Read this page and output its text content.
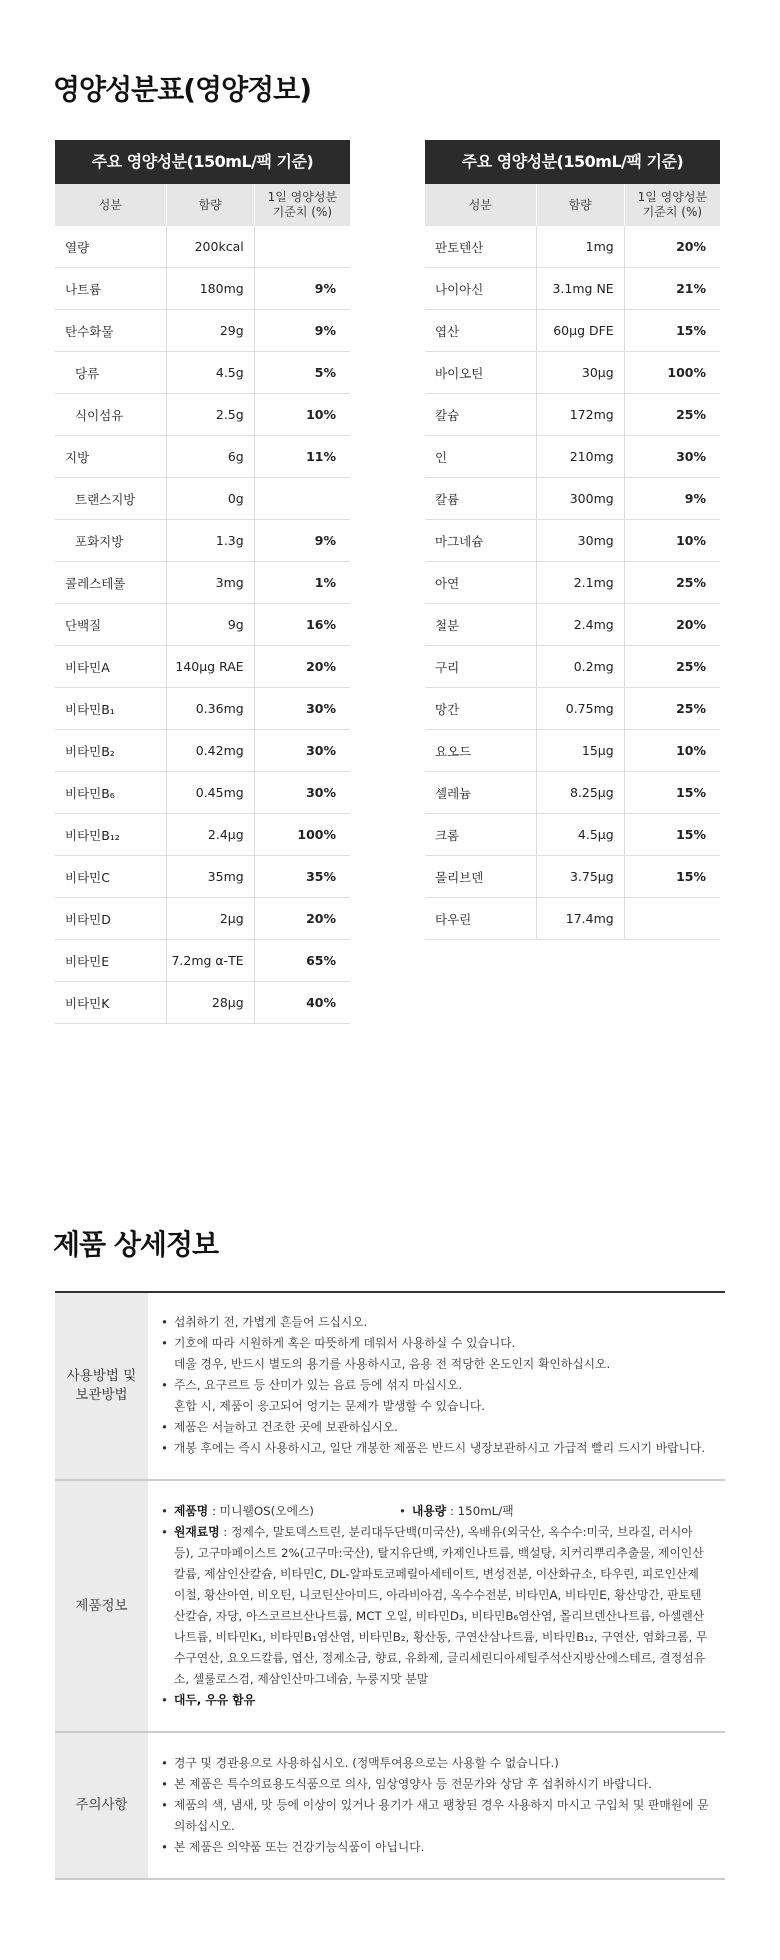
영양성분표(영양정보)
주요 영양성분(150mL/팩 기준)
성분	함량	1일 영양성분
기준치 (%)
열량	200kcal	
나트륨	180mg	9%
탄수화물	29g	9%
당류	4.5g	5%
식이섬유	2.5g	10%
지방	6g	11%
트랜스지방	0g	
포화지방	1.3g	9%
콜레스테롤	3mg	1%
단백질	9g	16%
비타민A	140μg RAE	20%
비타민B₁	0.36mg	30%
비타민B₂	0.42mg	30%
비타민B₆	0.45mg	30%
비타민B₁₂	2.4μg	100%
비타민C	35mg	35%
비타민D	2μg	20%
비타민E	7.2mg α-TE	65%
비타민K	28μg	40%
주요 영양성분(150mL/팩 기준)
성분	함량	1일 영양성분
기준치 (%)
판토텐산	1mg	20%
나이아신	3.1mg NE	21%
엽산	60μg DFE	15%
바이오틴	30μg	100%
칼슘	172mg	25%
인	210mg	30%
칼륨	300mg	9%
마그네슘	30mg	10%
아연	2.1mg	25%
철분	2.4mg	20%
구리	0.2mg	25%
망간	0.75mg	25%
요오드	15μg	10%
셀레늄	8.25μg	15%
크롬	4.5μg	15%
몰리브덴	3.75μg	15%
타우린	17.4mg	
제품 상세정보
사용방법 및
보관방법
• 섭취하기 전, 가볍게 흔들어 드십시오.
• 기호에 따라 시원하게 혹은 따뜻하게 데워서 사용하실 수 있습니다.
데울 경우, 반드시 별도의 용기를 사용하시고, 음용 전 적당한 온도인지 확인하십시오.
• 주스, 요구르트 등 산미가 있는 음료 등에 섞지 마십시오.
혼합 시, 제품이 응고되어 엉기는 문제가 발생할 수 있습니다.
• 제품은 서늘하고 건조한 곳에 보관하십시오.
• 개봉 후에는 즉시 사용하시고, 일단 개봉한 제품은 반드시 냉장보관하시고 가급적 빨리 드시기 바랍니다.
제품정보
• 제품명 : 미니웰OS(오에스)	• 내용량 : 150mL/팩
• 원재료명 : 정제수, 말토덱스트린, 분리대두단백(미국산), 옥배유(외국산, 옥수수:미국, 브라질, 러시아 등), 고구마페이스트 2%(고구마:국산), 탈지유단백, 카제인나트륨, 백설탕, 치커리뿌리추출물, 제이인산칼륨, 제삼인산칼슘, 비타민C, DL-알파토코페릴아세테이트, 변성전분, 이산화규소, 타우린, 피로인산제이철, 황산아연, 비오틴, 니코틴산아미드, 아라비아검, 옥수수전분, 비타민A, 비타민E, 황산망간, 판토텐산칼슘, 자당, 아스코르브산나트륨, MCT 오일, 비타민D₃, 비타민B₆염산염, 몰리브덴산나트륨, 아셀렌산나트륨, 비타민K₁, 비타민B₁염산염, 비타민B₂, 황산동, 구연산삼나트륨, 비타민B₁₂, 구연산, 염화크롬, 무수구연산, 요오드칼륨, 엽산, 정제소금, 향료, 유화제, 글리세린디아세틸주석산지방산에스테르, 결정섬유소, 셀룰로스검, 제삼인산마그네슘, 누룽지맛 분말
• 대두, 우유 함유
주의사항
• 경구 및 경관용으로 사용하십시오. (정맥투여용으로는 사용할 수 없습니다.)
• 본 제품은 특수의료용도식품으로 의사, 임상영양사 등 전문가와 상담 후 섭취하시기 바랍니다.
• 제품의 색, 냄새, 맛 등에 이상이 있거나 용기가 새고 팽창된 경우 사용하지 마시고 구입처 및 판매원에 문의하십시오.
• 본 제품은 의약품 또는 건강기능식품이 아닙니다.
